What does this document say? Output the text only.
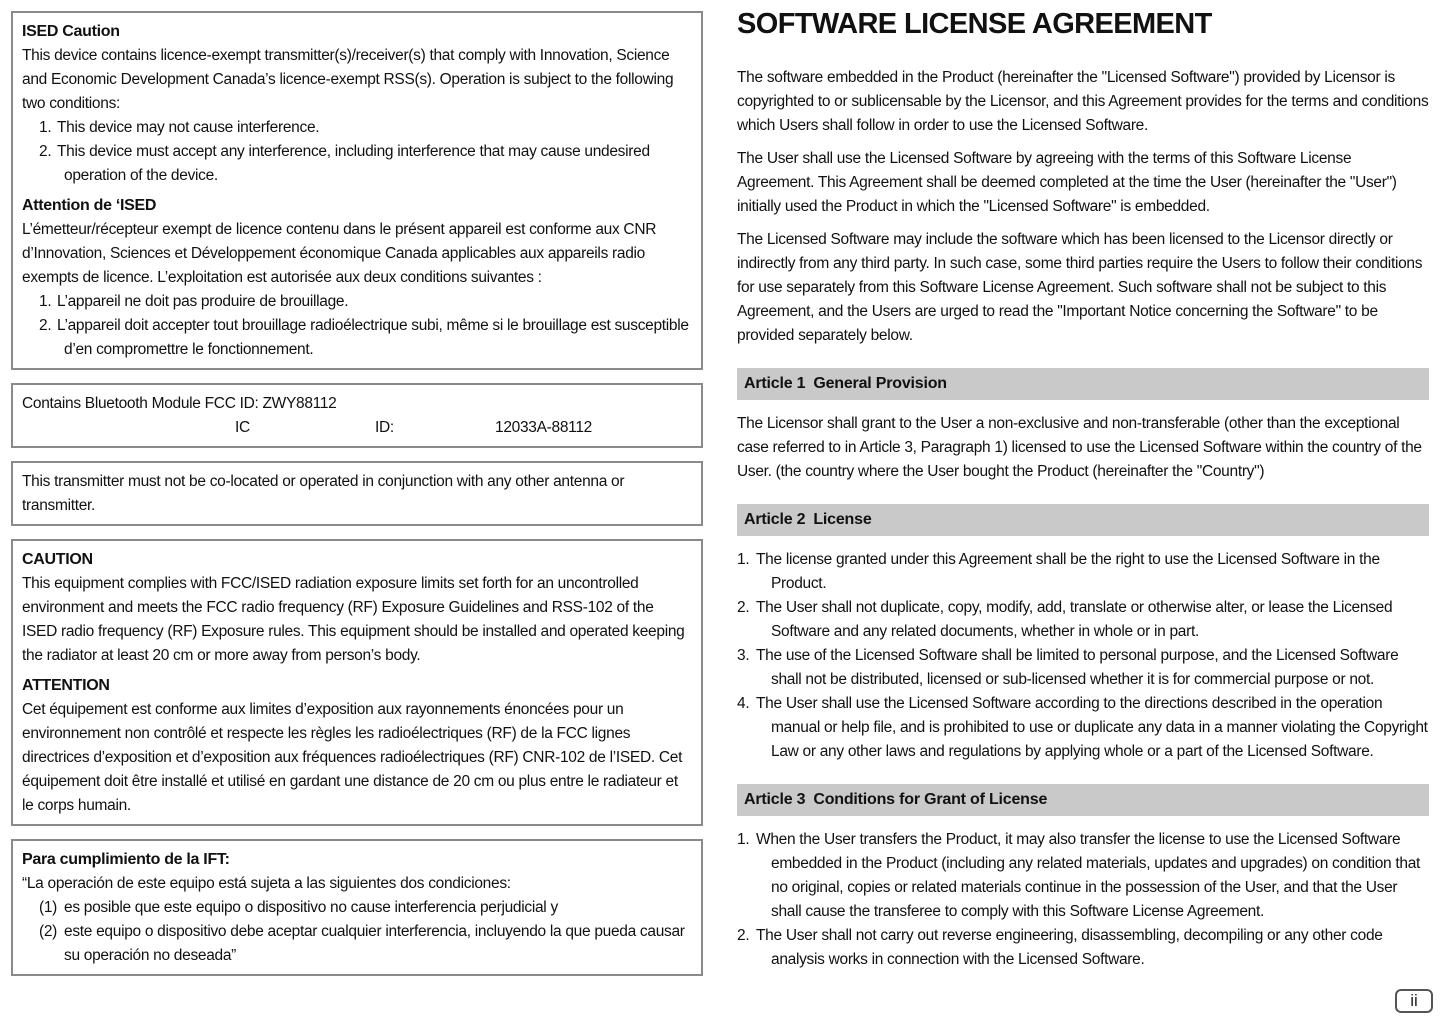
ISED Caution
This device contains licence-exempt transmitter(s)/receiver(s) that comply with Innovation, Science and Economic Development Canada’s licence-exempt RSS(s). Operation is subject to the following two conditions:
1. This device may not cause interference.
2. This device must accept any interference, including interference that may cause undesired operation of the device.
Attention de ‘ISED
L’émetteur/récepteur exempt de licence contenu dans le présent appareil est conforme aux CNR d’Innovation, Sciences et Développement économique Canada applicables aux appareils radio exempts de licence. L’exploitation est autorisée aux deux conditions suivantes :
1. L’appareil ne doit pas produire de brouillage.
2. L’appareil doit accepter tout brouillage radioélectrique subi, même si le brouillage est susceptible d’en compromettre le fonctionnement.
Contains Bluetooth Module FCC ID: ZWY88112
IC	ID:	12033A-88112
This transmitter must not be co-located or operated in conjunction with any other antenna or transmitter.
CAUTION
This equipment complies with FCC/ISED radiation exposure limits set forth for an uncontrolled environment and meets the FCC radio frequency (RF) Exposure Guidelines and RSS-102 of the ISED radio frequency (RF) Exposure rules. This equipment should be installed and operated keeping the radiator at least 20 cm or more away from person’s body.
ATTENTION
Cet équipement est conforme aux limites d’exposition aux rayonnements énoncées pour un environnement non contrôlé et respecte les règles les radioélectriques (RF) de la FCC lignes directrices d’exposition et d’exposition aux fréquences radioélectriques (RF) CNR-102 de l’ISED. Cet équipement doit être installé et utilisé en gardant une distance de 20 cm ou plus entre le radiateur et le corps humain.
Para cumplimiento de la IFT:
“La operación de este equipo está sujeta a las siguientes dos condiciones:
(1) es posible que este equipo o dispositivo no cause interferencia perjudicial y
(2) este equipo o dispositivo debe aceptar cualquier interferencia, incluyendo la que pueda causar su operación no deseada”
SOFTWARE LICENSE AGREEMENT

The software embedded in the Product (hereinafter the "Licensed Software") provided by Licensor is copyrighted to or sublicensable by the Licensor, and this Agreement provides for the terms and conditions which Users shall follow in order to use the Licensed Software.

The User shall use the Licensed Software by agreeing with the terms of this Software License Agreement. This Agreement shall be deemed completed at the time the User (hereinafter the "User") initially used the Product in which the "Licensed Software" is embedded.

The Licensed Software may include the software which has been licensed to the Licensor directly or indirectly from any third party. In such case, some third parties require the Users to follow their conditions for use separately from this Software License Agreement. Such software shall not be subject to this Agreement, and the Users are urged to read the "Important Notice concerning the Software" to be provided separately below.

Article 1 General Provision

The Licensor shall grant to the User a non-exclusive and non-transferable (other than the exceptional case referred to in Article 3, Paragraph 1) licensed to use the Licensed Software within the country of the User. (the country where the User bought the Product (hereinafter the "Country")

Article 2 License
1. The license granted under this Agreement shall be the right to use the Licensed Software in the Product.
2. The User shall not duplicate, copy, modify, add, translate or otherwise alter, or lease the Licensed Software and any related documents, whether in whole or in part.
3. The use of the Licensed Software shall be limited to personal purpose, and the Licensed Software shall not be distributed, licensed or sub-licensed whether it is for commercial purpose or not.
4. The User shall use the Licensed Software according to the directions described in the operation manual or help file, and is prohibited to use or duplicate any data in a manner violating the Copyright Law or any other laws and regulations by applying whole or a part of the Licensed Software.
Article 3 Conditions for Grant of License
1. When the User transfers the Product, it may also transfer the license to use the Licensed Software embedded in the Product (including any related materials, updates and upgrades) on condition that no original, copies or related materials continue in the possession of the User, and that the User shall cause the transferee to comply with this Software License Agreement.
2. The User shall not carry out reverse engineering, disassembling, decompiling or any other code analysis works in connection with the Licensed Software.
ii
